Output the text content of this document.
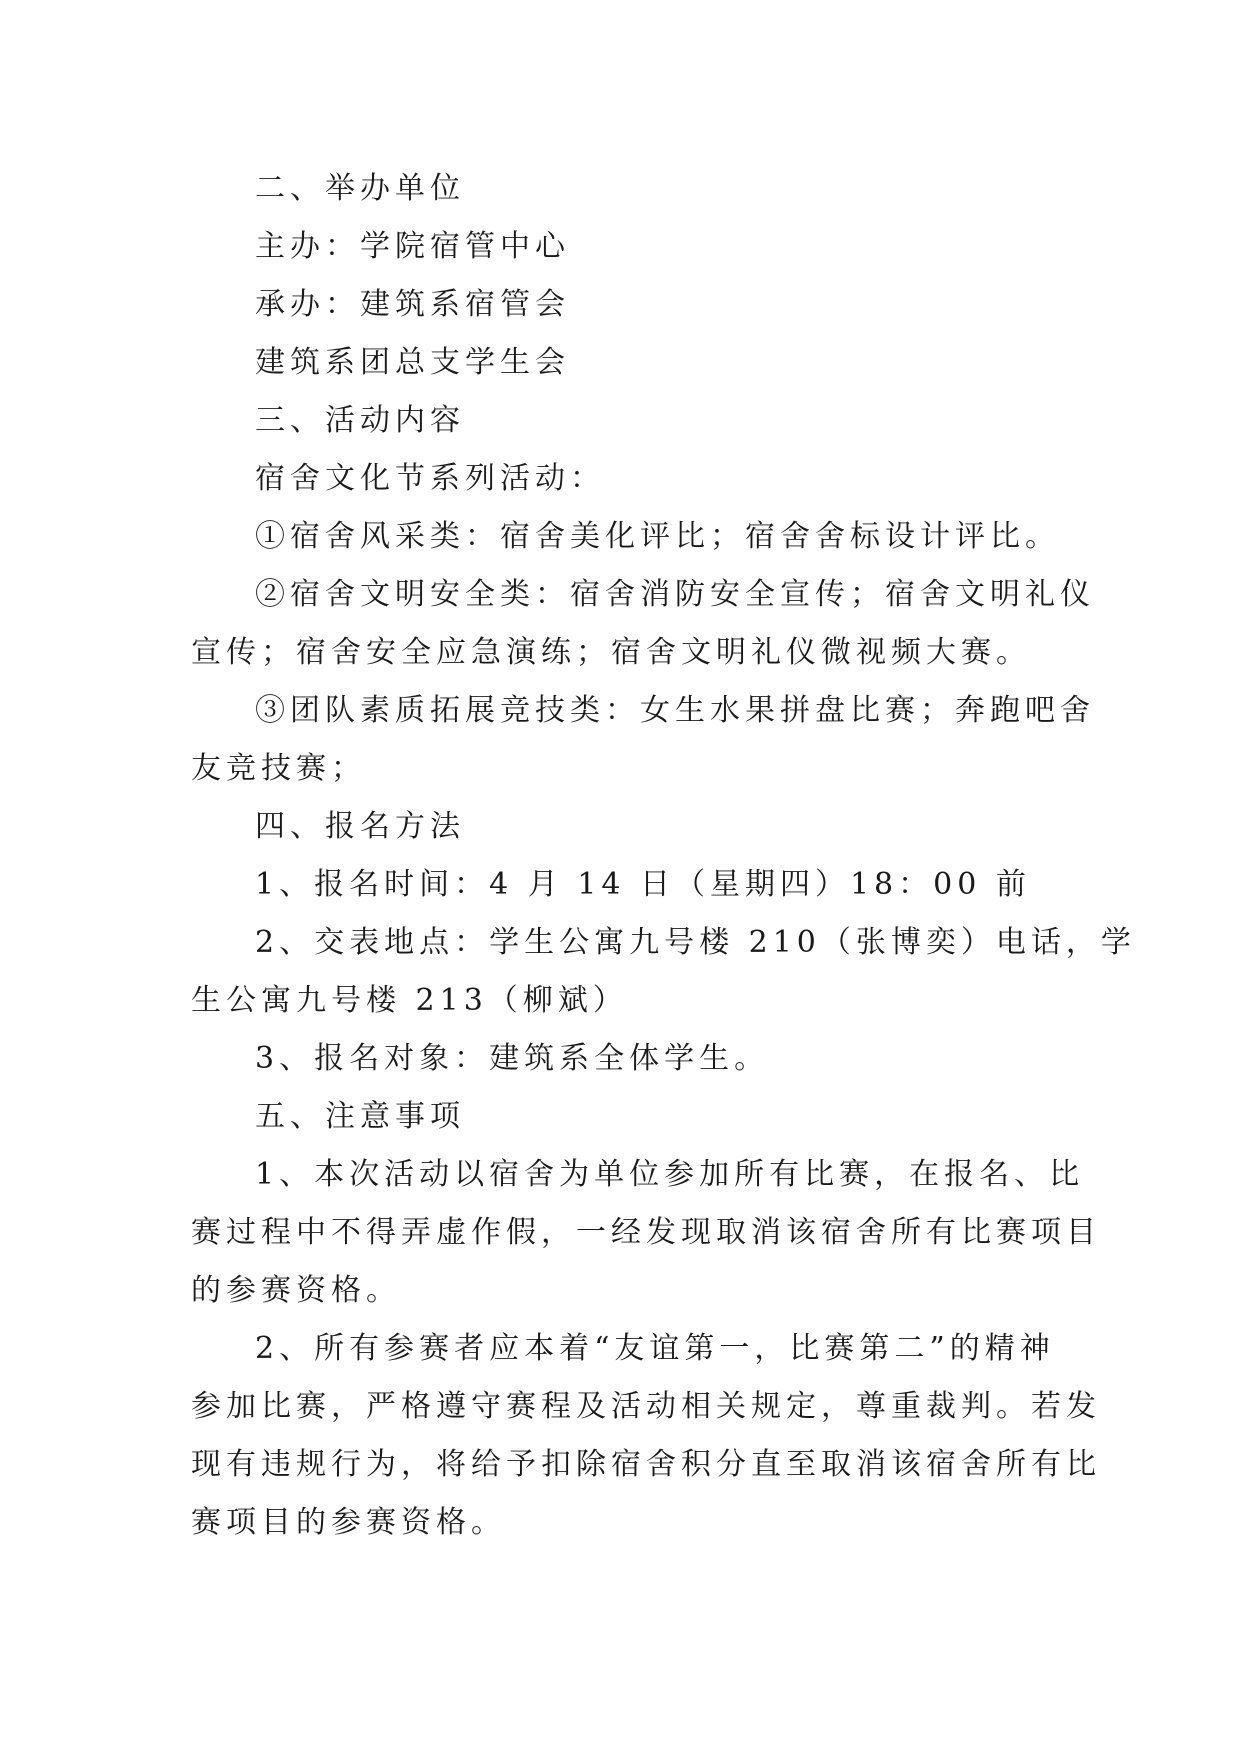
二、举办单位
主办：学院宿管中心
承办：建筑系宿管会
建筑系团总支学生会
三、活动内容
宿舍文化节系列活动：
①宿舍风采类：宿舍美化评比；宿舍舍标设计评比。
②宿舍文明安全类：宿舍消防安全宣传；宿舍文明礼仪
宣传；宿舍安全应急演练；宿舍文明礼仪微视频大赛。
③团队素质拓展竞技类：女生水果拼盘比赛；奔跑吧舍
友竞技赛；
四、报名方法
1、报名时间：4 月 14 日（星期四）18：00 前
2、交表地点：学生公寓九号楼 210（张博奕）电话，学
生公寓九号楼 213（柳斌）
3、报名对象：建筑系全体学生。
五、注意事项
1、本次活动以宿舍为单位参加所有比赛，在报名、比
赛过程中不得弄虚作假，一经发现取消该宿舍所有比赛项目
的参赛资格。
2、所有参赛者应本着“友谊第一，比赛第二”的精神
参加比赛，严格遵守赛程及活动相关规定，尊重裁判。若发
现有违规行为，将给予扣除宿舍积分直至取消该宿舍所有比
赛项目的参赛资格。
